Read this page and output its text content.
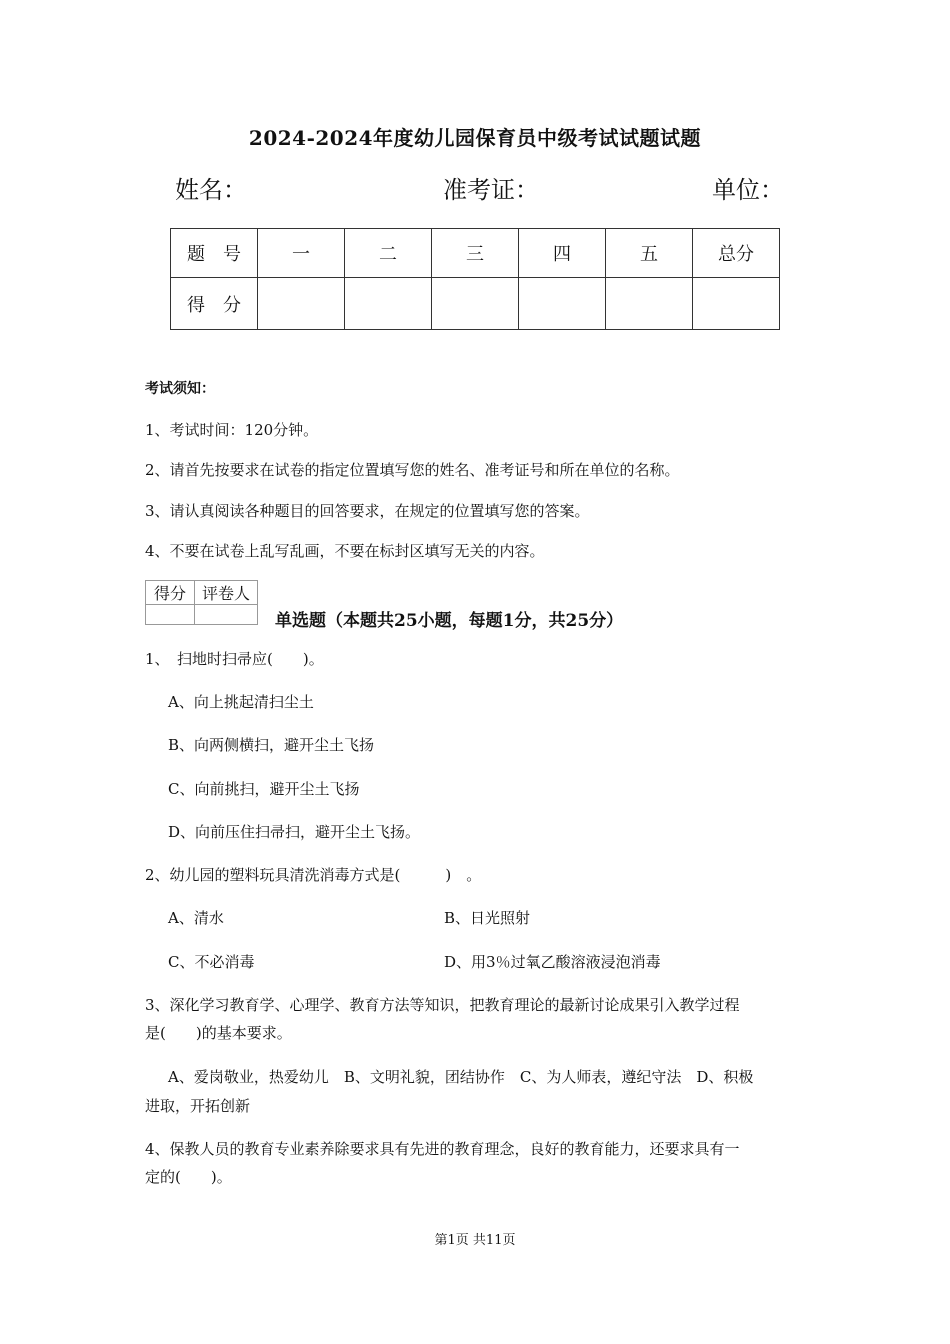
2024-2024年度幼儿园保育员中级考试试题试题
姓名：	准考证：	单位：
题　号	一	二	三	四	五	总分
得　分						
考试须知：
1、考试时间：120分钟。
2、请首先按要求在试卷的指定位置填写您的姓名、准考证号和所在单位的名称。
3、请认真阅读各种题目的回答要求，在规定的位置填写您的答案。
4、不要在试卷上乱写乱画，不要在标封区填写无关的内容。
得分	评卷人

单选题（本题共25小题，每题1分，共25分）
1、　扫地时扫帚应(　　)。
A、向上挑起清扫尘土
B、向两侧横扫，避开尘土飞扬
C、向前挑扫，避开尘土飞扬
D、向前压住扫帚扫，避开尘土飞扬。
2、幼儿园的塑料玩具清洗消毒方式是(　　　)　。
A、清水	B、日光照射
C、不必消毒	D、用3％过氧乙酸溶液浸泡消毒
3、深化学习教育学、心理学、教育方法等知识，把教育理论的最新讨论成果引入教学过程
是(　　)的基本要求。
A、爱岗敬业，热爱幼儿　B、文明礼貌，团结协作　C、为人师表，遵纪守法　D、积极
进取，开拓创新
4、保教人员的教育专业素养除要求具有先进的教育理念，良好的教育能力，还要求具有一
定的(　　)。
第1页 共11页
